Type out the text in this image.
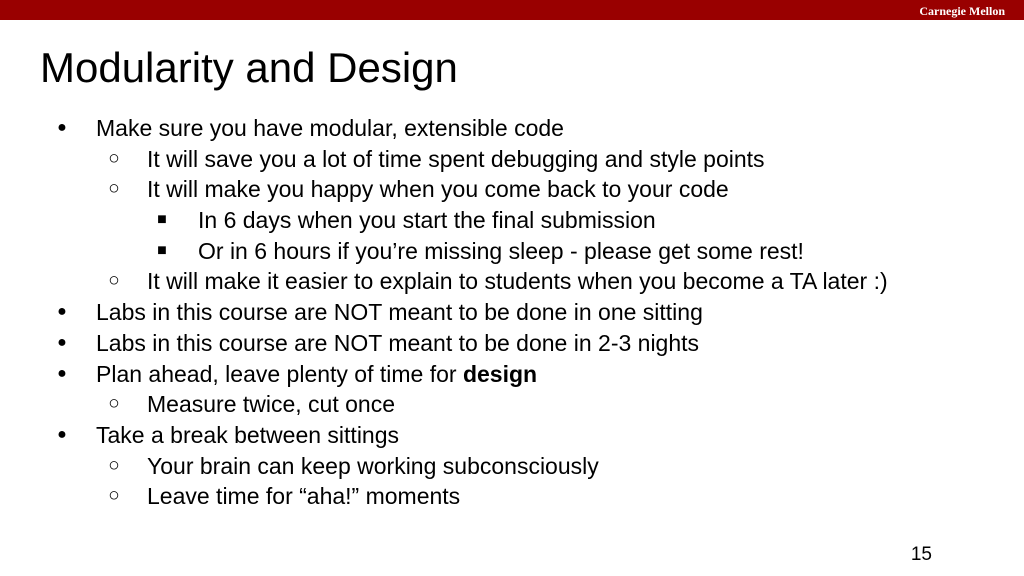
Carnegie Mellon
Modularity and Design
● Make sure you have modular, extensible code
○ It will save you a lot of time spent debugging and style points
○ It will make you happy when you come back to your code
■ In 6 days when you start the final submission
■ Or in 6 hours if you’re missing sleep - please get some rest!
○ It will make it easier to explain to students when you become a TA later :)
● Labs in this course are NOT meant to be done in one sitting
● Labs in this course are NOT meant to be done in 2-3 nights
● Plan ahead, leave plenty of time for design
○ Measure twice, cut once
● Take a break between sittings
○ Your brain can keep working subconsciously
○ Leave time for “aha!” moments
15
